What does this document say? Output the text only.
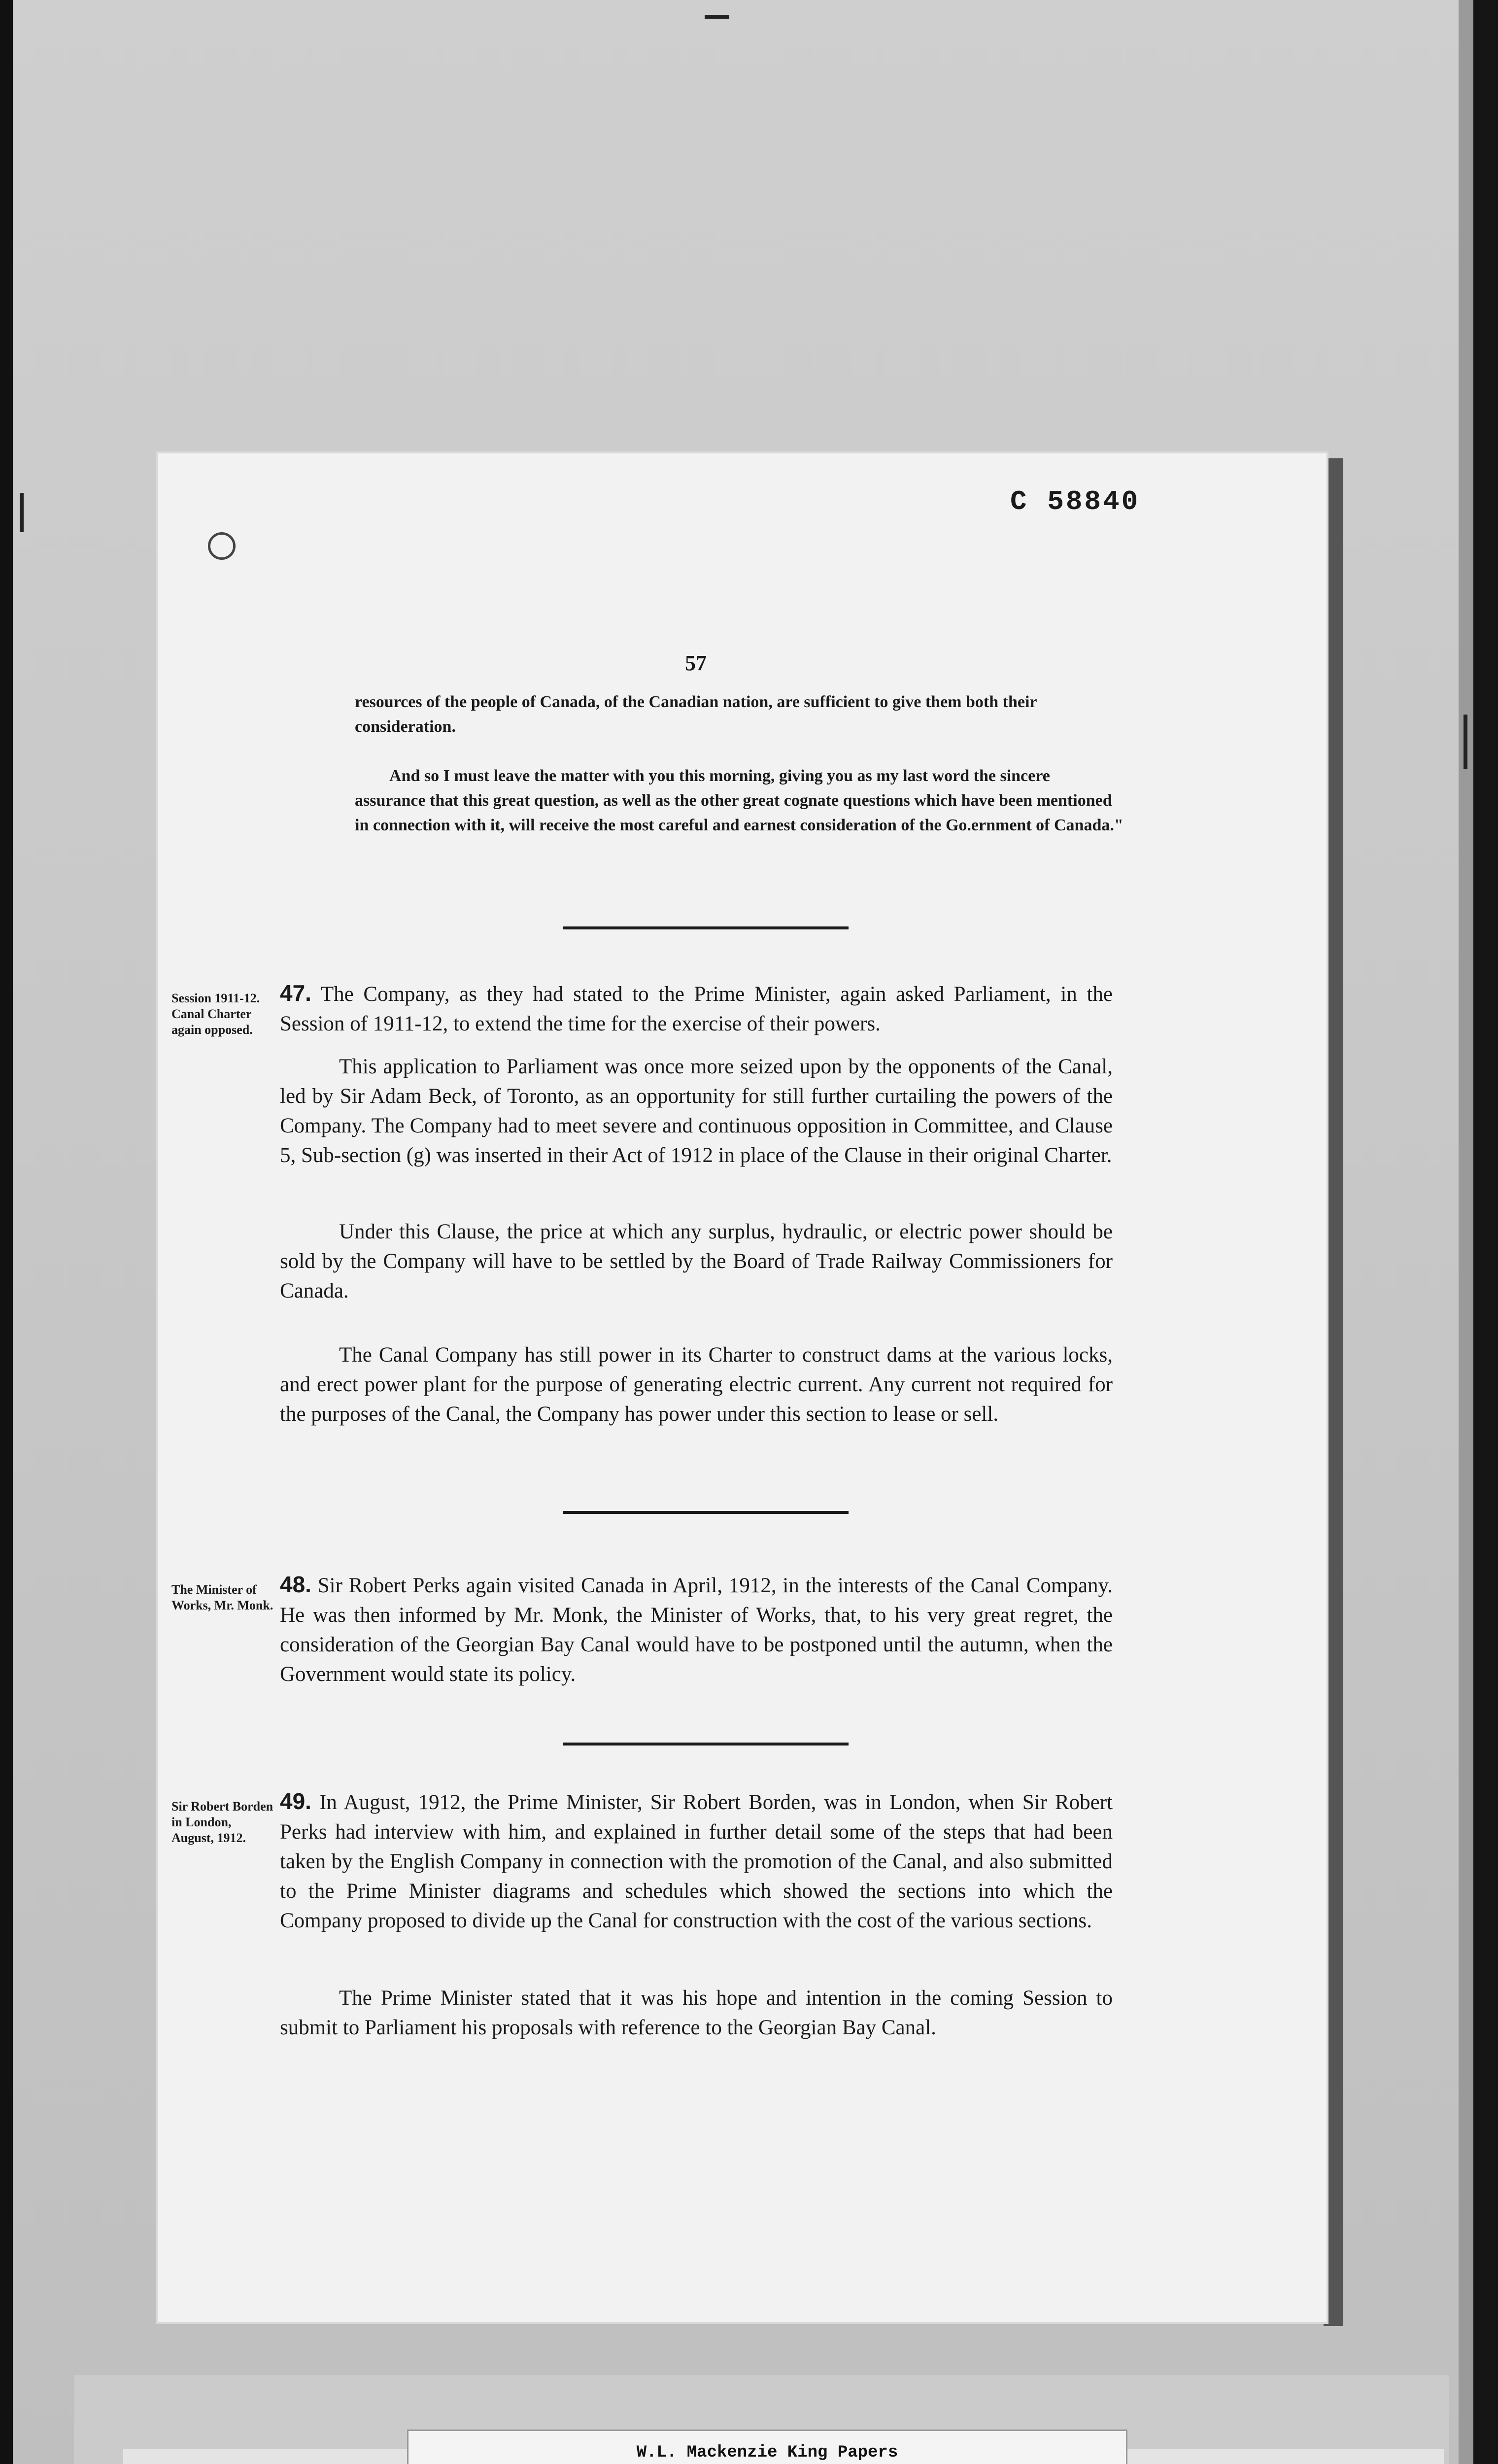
C 58840
57

resources of the people of Canada, of the Canadian nation, are sufficient to give them both their consideration.

And so I must leave the matter with you this morning, giving you as my last word the sincere assurance that this great question, as well as the other great cognate questions which have been mentioned in connection with it, will receive the most careful and earnest consideration of the Go.ernment of Canada."

Session 1911-12. Canal Charter again opposed.

47. The Company, as they had stated to the Prime Minister, again asked Parliament, in the Session of 1911-12, to extend the time for the exercise of their powers.

This application to Parliament was once more seized upon by the opponents of the Canal, led by Sir Adam Beck, of Toronto, as an opportunity for still further curtailing the powers of the Company. The Company had to meet severe and continuous opposition in Committee, and Clause 5, Sub-section (g) was inserted in their Act of 1912 in place of the Clause in their original Charter.

Under this Clause, the price at which any surplus, hydraulic, or electric power should be sold by the Company will have to be settled by the Board of Trade Railway Commissioners for Canada.

The Canal Company has still power in its Charter to construct dams at the various locks, and erect power plant for the purpose of generating electric current. Any current not required for the purposes of the Canal, the Company has power under this section to lease or sell.

The Minister of Works, Mr. Monk.

48. Sir Robert Perks again visited Canada in April, 1912, in the interests of the Canal Company. He was then informed by Mr. Monk, the Minister of Works, that, to his very great regret, the consideration of the Georgian Bay Canal would have to be postponed until the autumn, when the Government would state its policy.

Sir Robert Borden in London, August, 1912.

49. In August, 1912, the Prime Minister, Sir Robert Borden, was in London, when Sir Robert Perks had interview with him, and explained in further detail some of the steps that had been taken by the English Company in connection with the promotion of the Canal, and also submitted to the Prime Minister diagrams and schedules which showed the sections into which the Company proposed to divide up the Canal for construction with the cost of the various sections.

The Prime Minister stated that it was his hope and intention in the coming Session to submit to Parliament his proposals with reference to the Georgian Bay Canal.

W.L. Mackenzie King Papers
